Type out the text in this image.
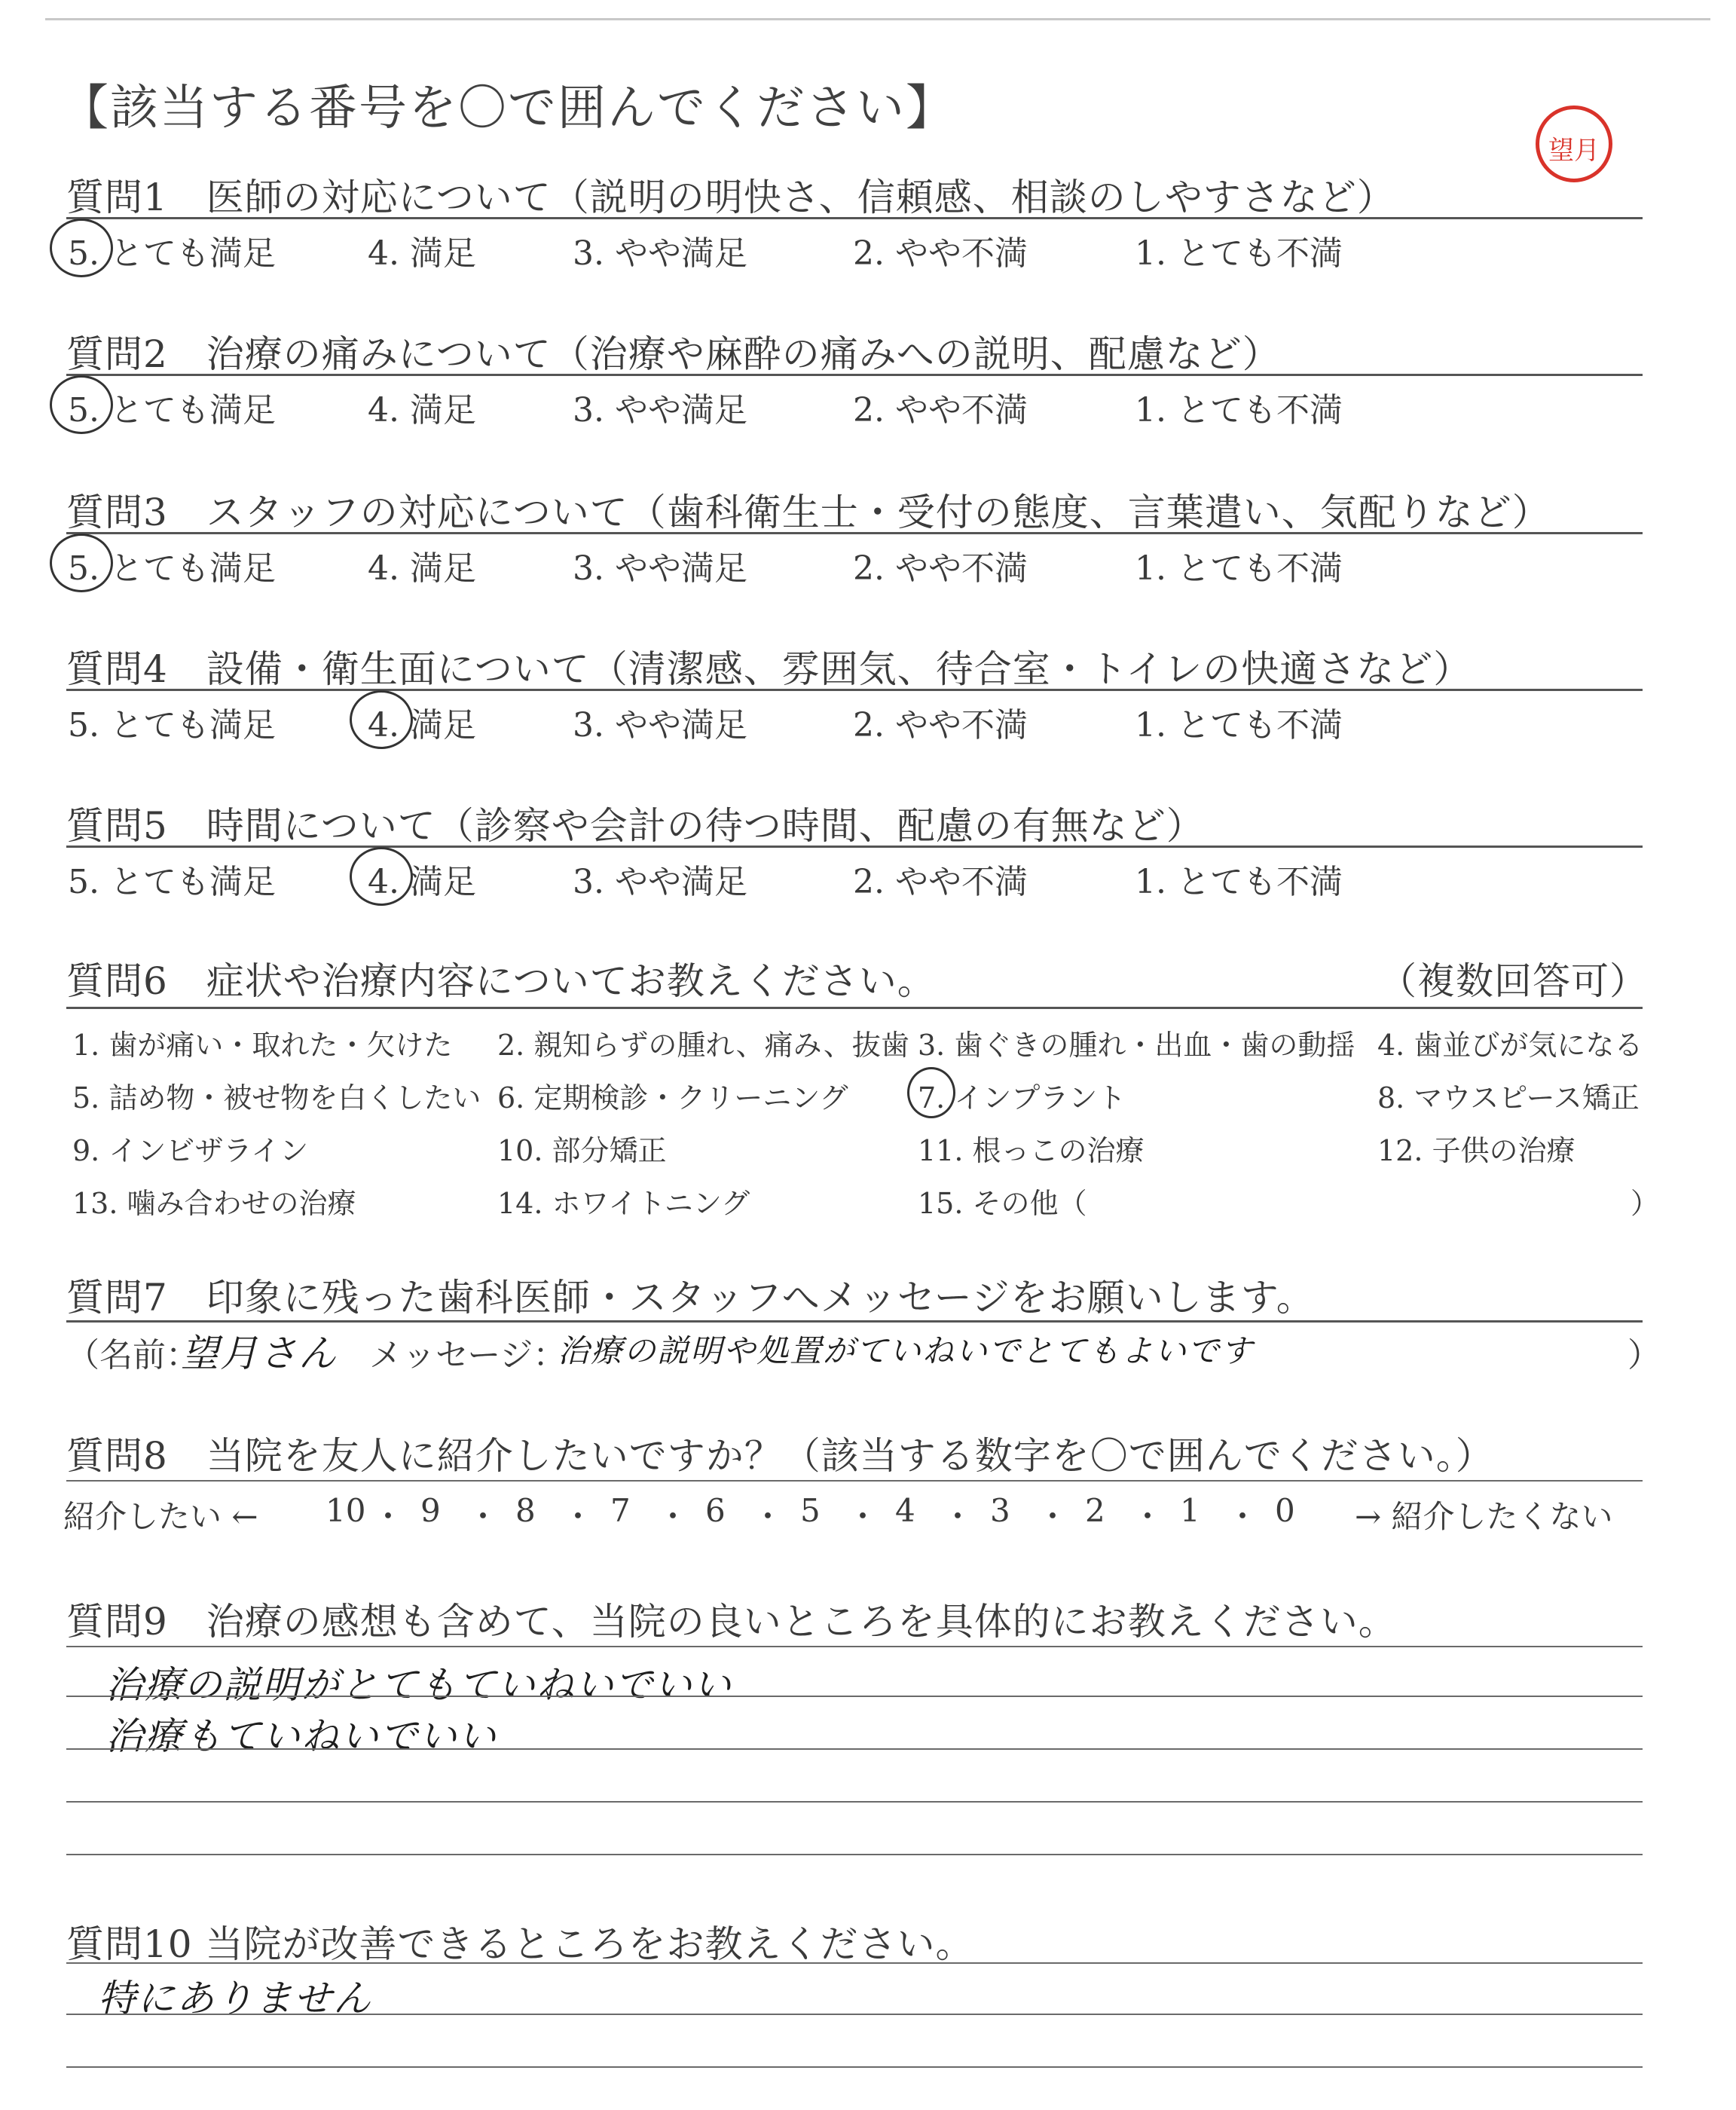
【該当する番号を〇で囲んでください】
望月
質問1　医師の対応について（説明の明快さ、信頼感、相談のしやすさなど）
5. とても満足	4. 満足	3. やや満足	2. やや不満	1. とても不満
質問2　治療の痛みについて（治療や麻酔の痛みへの説明、配慮など）
5. とても満足	4. 満足	3. やや満足	2. やや不満	1. とても不満
質問3　スタッフの対応について（歯科衛生士・受付の態度、言葉遣い、気配りなど）
5. とても満足	4. 満足	3. やや満足	2. やや不満	1. とても不満
質問4　設備・衛生面について（清潔感、雰囲気、待合室・トイレの快適さなど）
5. とても満足	4. 満足	3. やや満足	2. やや不満	1. とても不満
質問5　時間について（診察や会計の待つ時間、配慮の有無など）
5. とても満足	4. 満足	3. やや満足	2. やや不満	1. とても不満
質問6　症状や治療内容についてお教えください。	（複数回答可）
1. 歯が痛い・取れた・欠けた 2. 親知らずの腫れ、痛み、抜歯 3. 歯ぐきの腫れ・出血・歯の動揺 4. 歯並びが気になる
5. 詰め物・被せ物を白くしたい 6. 定期検診・クリーニング 7. インプラント	8. マウスピース矯正
9. インビザライン	10. 部分矯正	11. 根っこの治療	12. 子供の治療
13. 噛み合わせの治療	14. ホワイトニング	15. その他（	）
質問7　印象に残った歯科医師・スタッフへメッセージをお願いします。
（名前：
望月さん メッセージ：
治療の説明や処置がていねいでとてもよいです	）
質問8　当院を友人に紹介したいですか？（該当する数字を〇で囲んでください。）
紹介したい ←	→ 紹介したくない
10 ・ 9 ・ 8 ・ 7 ・ 6 ・ 5 ・ 4 ・ 3 ・ 2 ・ 1 ・ 0
質問9　治療の感想も含めて、当院の良いところを具体的にお教えください。
治療の説明がとてもていねいでいい
治療もていねいでいい
質問10 当院が改善できるところをお教えください。
特にありません
